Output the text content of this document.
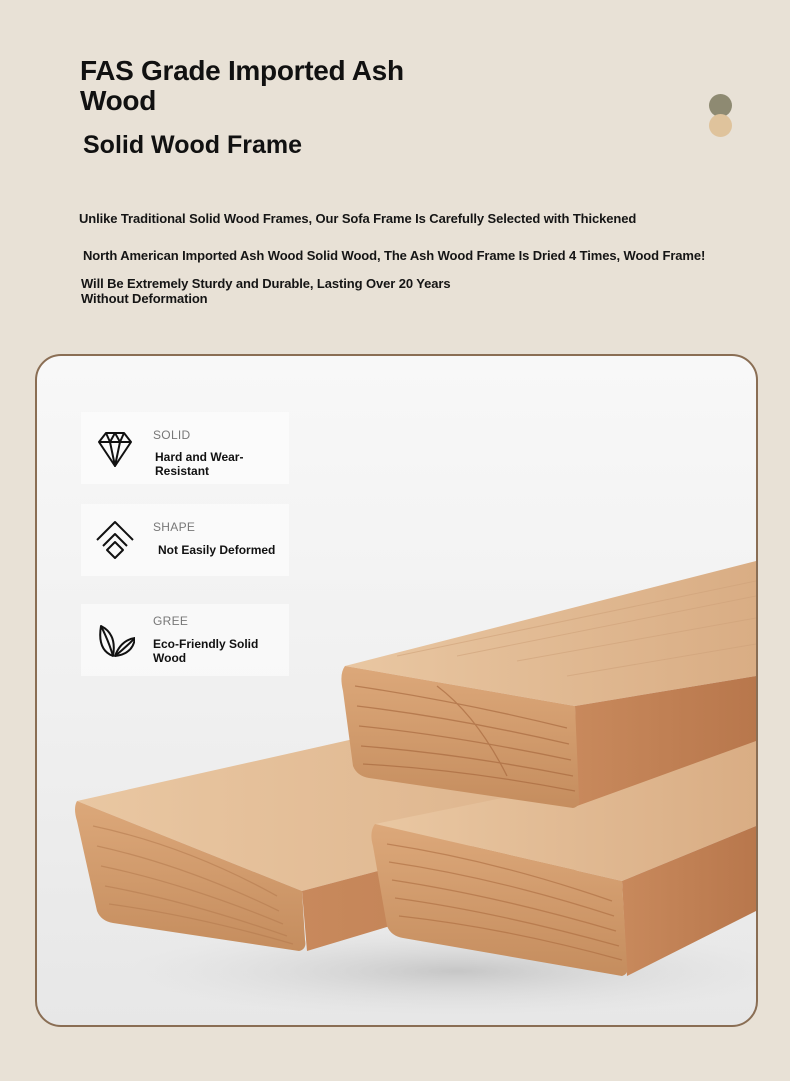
FAS Grade Imported Ash Wood
Solid Wood Frame
Unlike Traditional Solid Wood Frames, Our Sofa Frame Is Carefully Selected with Thickened
North American Imported Ash Wood Solid Wood, The Ash Wood Frame Is Dried 4 Times, Wood Frame!
Will Be Extremely Sturdy and Durable, Lasting Over 20 Years
Without Deformation
SOLID
Hard and Wear-Resistant
SHAPE
Not Easily Deformed
GREE
Eco-Friendly Solid Wood
